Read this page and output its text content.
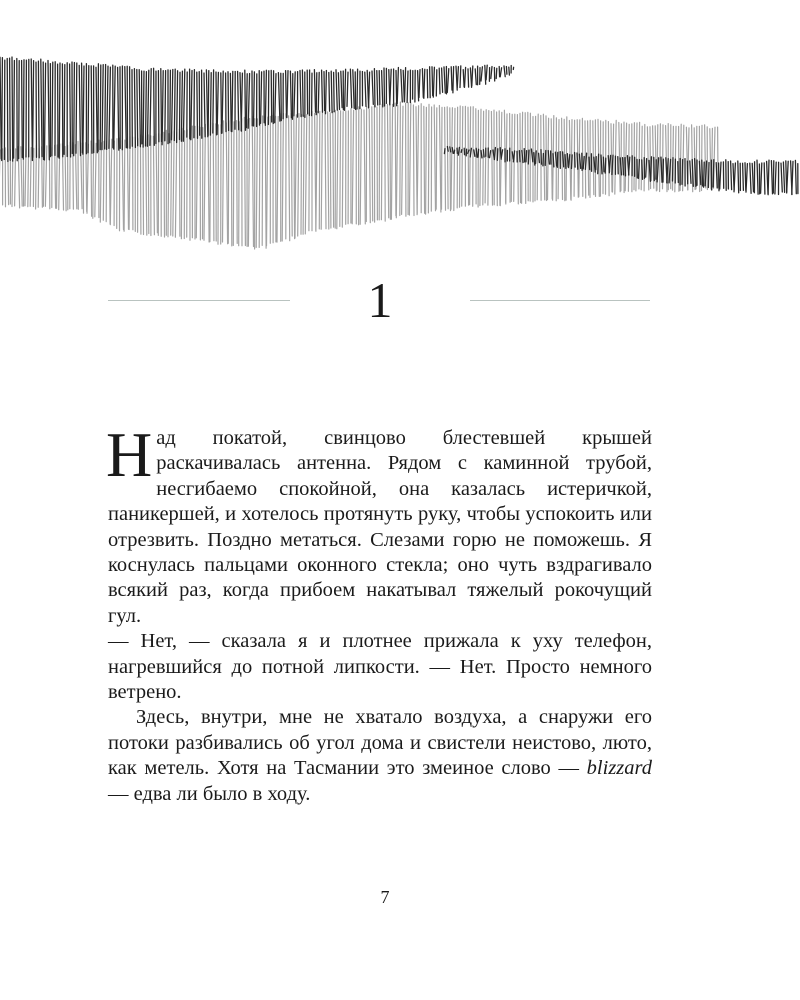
1

Над покатой, свинцово блестевшей крышей раскачивалась антенна. Рядом с каминной трубой, несгибаемо спокойной, она казалась истеричкой, паникершей, и хотелось протянуть руку, чтобы успокоить или отрезвить. Поздно метаться. Слезами горю не поможешь. Я коснулась пальцами оконного стекла; оно чуть вздрагивало всякий раз, когда прибоем накатывал тяжелый рокочущий гул.

— Нет, — сказала я и плотнее прижала к уху телефон, нагревшийся до потной липкости. — Нет. Просто немного ветрено.

Здесь, внутри, мне не хватало воздуха, а снаружи его потоки разбивались об угол дома и свистели неистово, люто, как метель. Хотя на Тасмании это змеиное слово — blizzard — едва ли было в ходу.

7
